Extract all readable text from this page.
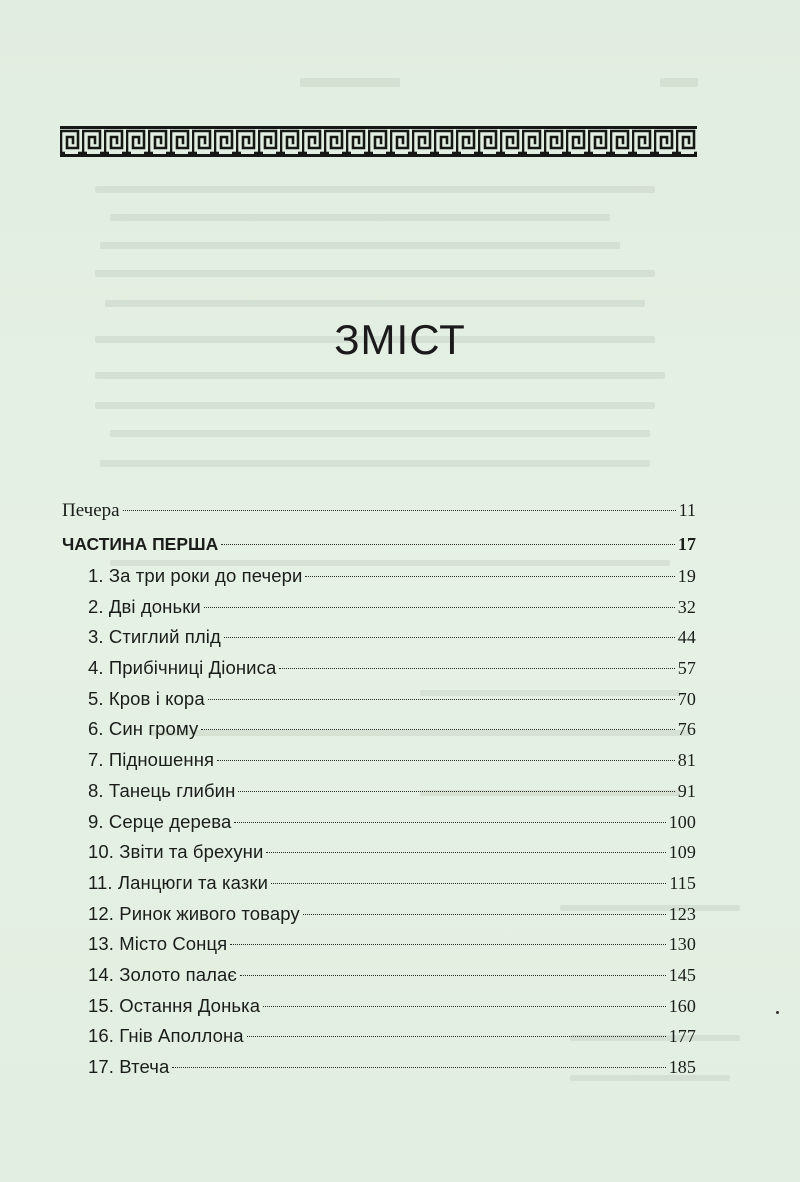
ЗМІСТ
Печера	11
ЧАСТИНА ПЕРША	17
1. За три роки до печери	19
2. Дві доньки	32
3. Стиглий плід	44
4. Прибічниці Діониса	57
5. Кров і кора	70
6. Син грому	76
7. Підношення	81
8. Танець глибин	91
9. Серце дерева	100
10. Звіти та брехуни	109
11. Ланцюги та казки	115
12. Ринок живого товару	123
13. Місто Сонця	130
14. Золото палає	145
15. Остання Донька	160
16. Гнів Аполлона	177
17. Втеча	185
